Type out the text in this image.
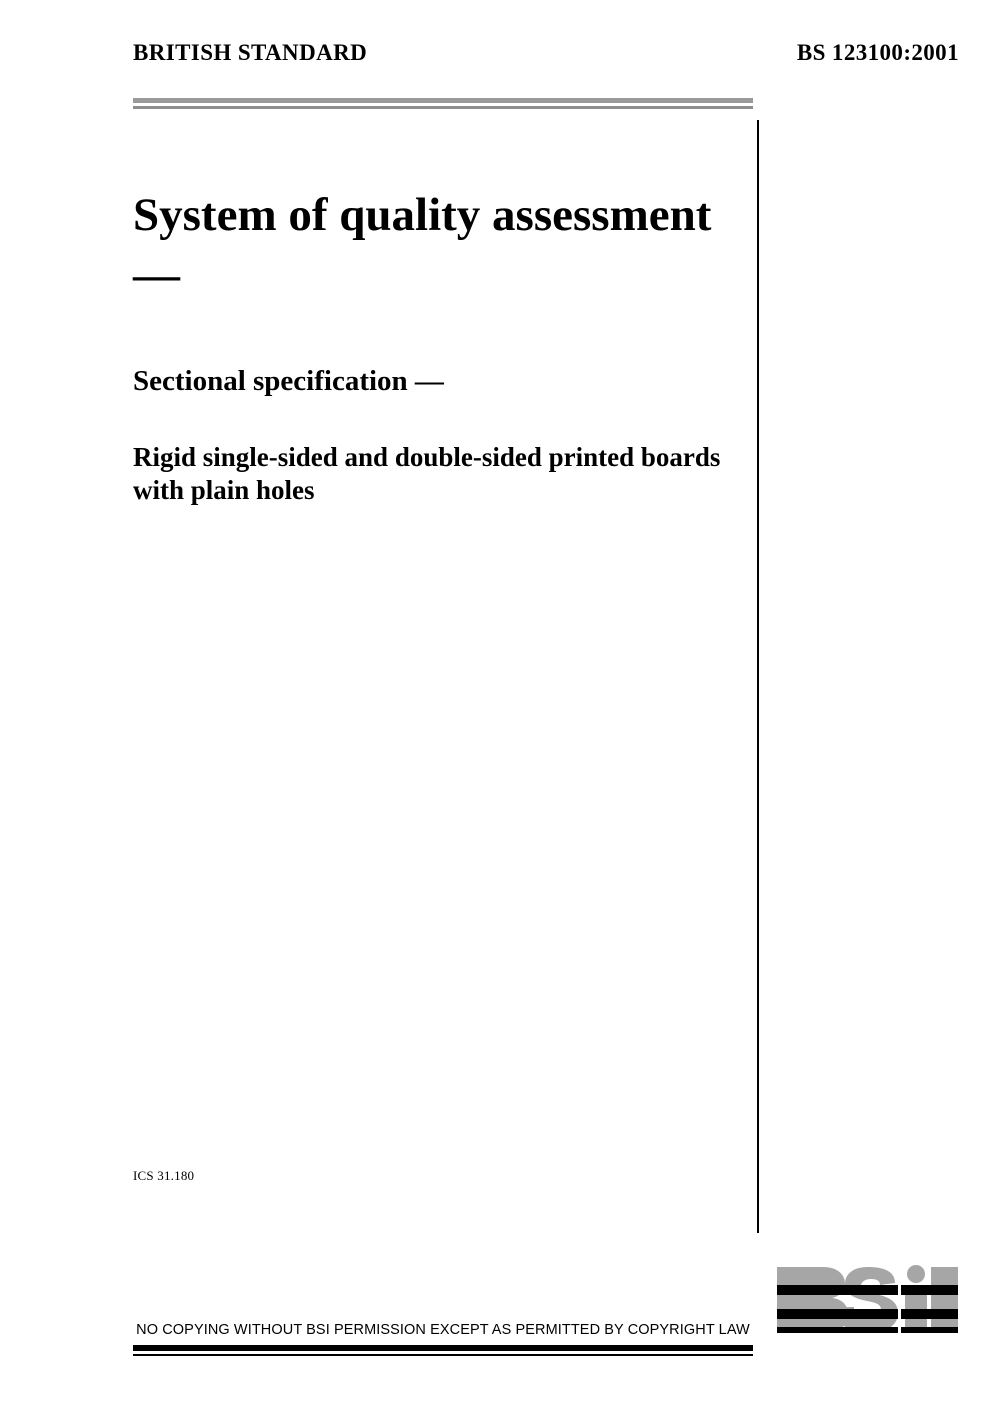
BRITISH STANDARD	BS 123100:2001
System of quality assessment —
Sectional specification —
Rigid single-sided and double-sided printed boards with plain holes
ICS 31.180
NO COPYING WITHOUT BSI PERMISSION EXCEPT AS PERMITTED BY COPYRIGHT LAW
